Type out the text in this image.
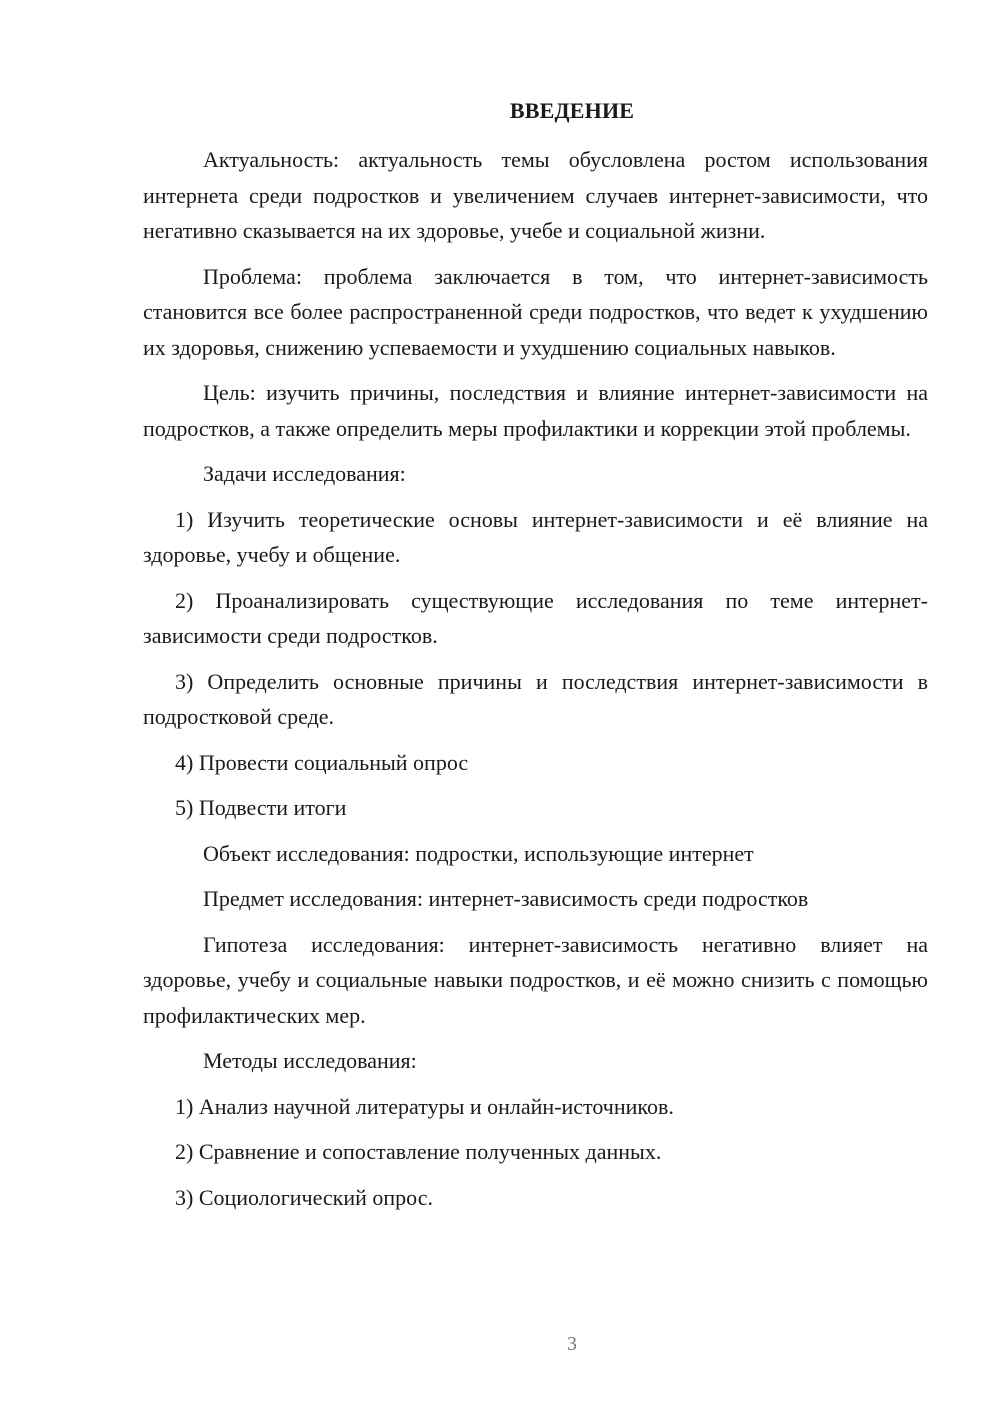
ВВЕДЕНИЕ

Актуальность: актуальность темы обусловлена ростом использования интернета среди подростков и увеличением случаев интернет-зависимости, что негативно сказывается на их здоровье, учебе и социальной жизни.

Проблема: проблема заключается в том, что интернет-зависимость становится все более распространенной среди подростков, что ведет к ухудшению их здоровья, снижению успеваемости и ухудшению социальных навыков.

Цель: изучить причины, последствия и влияние интернет-зависимости на подростков, а также определить меры профилактики и коррекции этой проблемы.

Задачи исследования:

1) Изучить теоретические основы интернет-зависимости и её влияние на здоровье, учебу и общение.

2) Проанализировать существующие исследования по теме интернет-зависимости среди подростков.

3) Определить основные причины и последствия интернет-зависимости в подростковой среде.

4) Провести социальный опрос

5) Подвести итоги

Объект исследования: подростки, использующие интернет

Предмет исследования: интернет-зависимость среди подростков

Гипотеза исследования: интернет-зависимость негативно влияет на здоровье, учебу и социальные навыки подростков, и её можно снизить с помощью профилактических мер.

Методы исследования:

1) Анализ научной литературы и онлайн-источников.

2) Сравнение и сопоставление полученных данных.

3) Социологический опрос.

3
